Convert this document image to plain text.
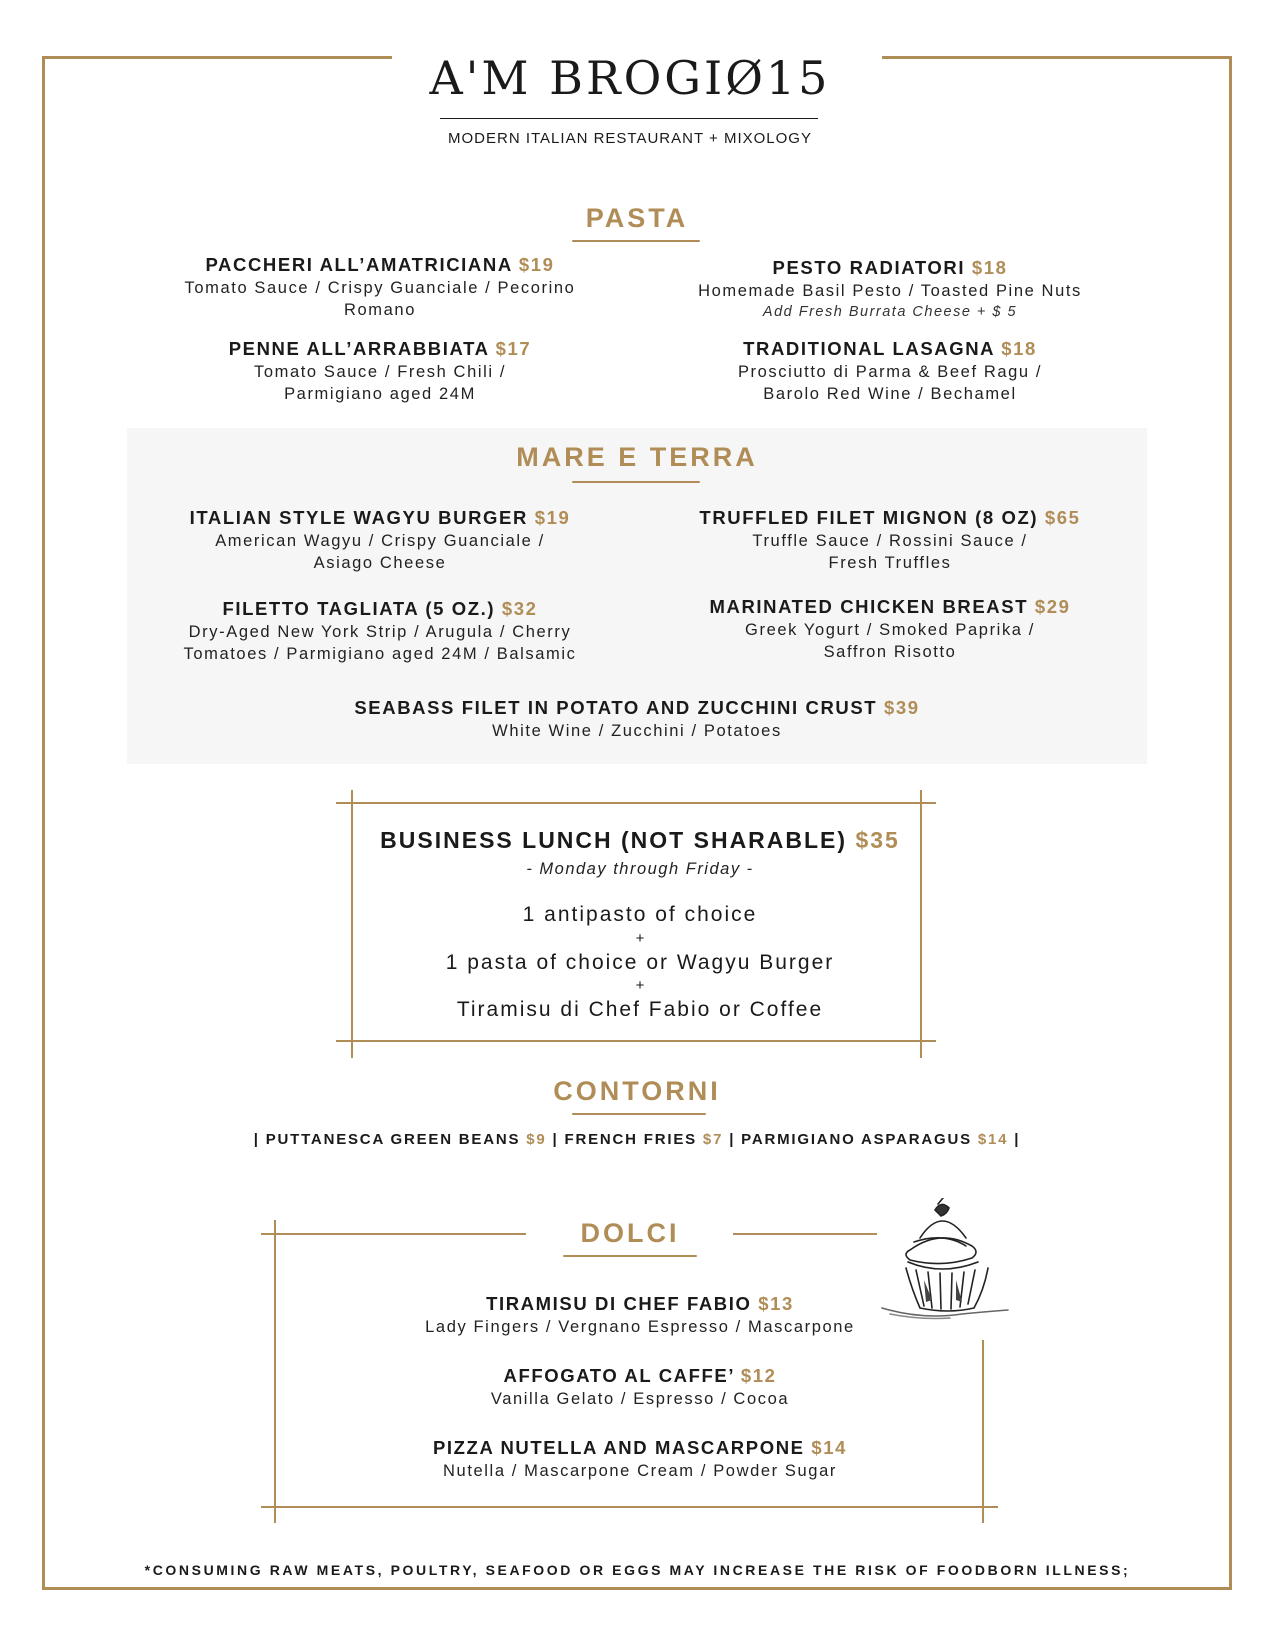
A'M BROGIØ15
MODERN ITALIAN RESTAURANT + MIXOLOGY
PASTA
PACCHERI ALL’AMATRICIANA $19
Tomato Sauce / Crispy Guanciale / Pecorino
Romano
PESTO RADIATORI $18
Homemade Basil Pesto / Toasted Pine Nuts
Add Fresh Burrata Cheese + $ 5
PENNE ALL’ARRABBIATA $17
Tomato Sauce / Fresh Chili /
Parmigiano aged 24M
TRADITIONAL LASAGNA $18
Prosciutto di Parma & Beef Ragu /
Barolo Red Wine / Bechamel
MARE E TERRA
ITALIAN STYLE WAGYU BURGER $19
American Wagyu / Crispy Guanciale /
Asiago Cheese
TRUFFLED FILET MIGNON (8 OZ) $65
Truffle Sauce / Rossini Sauce /
Fresh Truffles
FILETTO TAGLIATA (5 OZ.) $32
Dry-Aged New York Strip / Arugula / Cherry
Tomatoes / Parmigiano aged 24M / Balsamic
MARINATED CHICKEN BREAST $29
Greek Yogurt / Smoked Paprika /
Saffron Risotto
SEABASS FILET IN POTATO AND ZUCCHINI CRUST $39
White Wine / Zucchini / Potatoes
BUSINESS LUNCH (NOT SHARABLE) $35
- Monday through Friday -
1 antipasto of choice
+
1 pasta of choice or Wagyu Burger
+
Tiramisu di Chef Fabio or Coffee
CONTORNI
| PUTTANESCA GREEN BEANS $9 | FRENCH FRIES $7 | PARMIGIANO ASPARAGUS $14 |
DOLCI
TIRAMISU DI CHEF FABIO $13
Lady Fingers / Vergnano Espresso / Mascarpone
AFFOGATO AL CAFFE’ $12
Vanilla Gelato / Espresso / Cocoa
PIZZA NUTELLA AND MASCARPONE $14
Nutella / Mascarpone Cream / Powder Sugar
*CONSUMING RAW MEATS, POULTRY, SEAFOOD OR EGGS MAY INCREASE THE RISK OF FOODBORN ILLNESS;
